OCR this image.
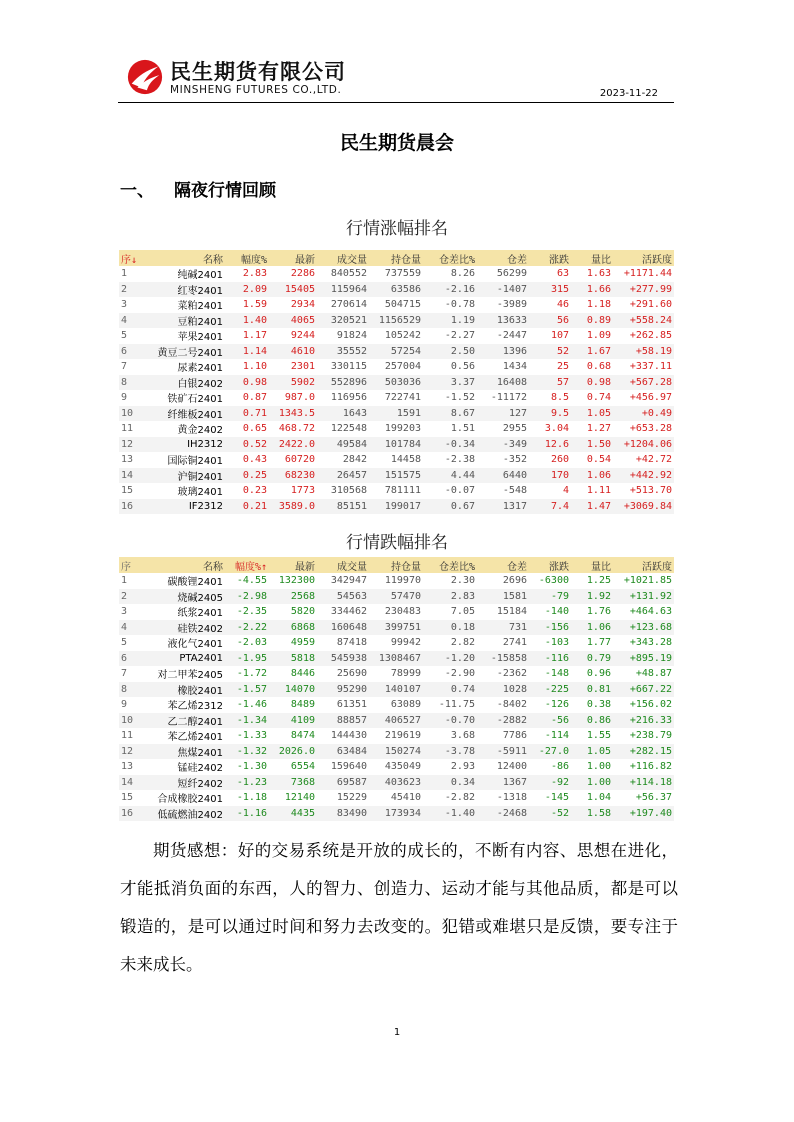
民生期货有限公司
MINSHENG FUTURES CO.,LTD.	2023-11-22
民生期货晨会
一、 隔夜行情回顾
行情涨幅排名
序↓	名称	幅度%	最新	成交量	持仓量	仓差比%	仓差	涨跌	量比	活跃度
1	纯碱2401	2.83	2286	840552	737559	8.26	56299	63	1.63	+1171.44
2	红枣2401	2.09	15405	115964	63586	-2.16	-1407	315	1.66	+277.99
3	菜粕2401	1.59	2934	270614	504715	-0.78	-3989	46	1.18	+291.60
4	豆粕2401	1.40	4065	320521	1156529	1.19	13633	56	0.89	+558.24
5	苹果2401	1.17	9244	91824	105242	-2.27	-2447	107	1.09	+262.85
6	黄豆二号2401	1.14	4610	35552	57254	2.50	1396	52	1.67	+58.19
7	尿素2401	1.10	2301	330115	257004	0.56	1434	25	0.68	+337.11
8	白银2402	0.98	5902	552896	503036	3.37	16408	57	0.98	+567.28
9	铁矿石2401	0.87	987.0	116956	722741	-1.52	-11172	8.5	0.74	+456.97
10	纤维板2401	0.71	1343.5	1643	1591	8.67	127	9.5	1.05	+0.49
11	黄金2402	0.65	468.72	122548	199203	1.51	2955	3.04	1.27	+653.28
12	IH2312	0.52	2422.0	49584	101784	-0.34	-349	12.6	1.50	+1204.06
13	国际铜2401	0.43	60720	2842	14458	-2.38	-352	260	0.54	+42.72
14	沪铜2401	0.25	68230	26457	151575	4.44	6440	170	1.06	+442.92
15	玻璃2401	0.23	1773	310568	781111	-0.07	-548	4	1.11	+513.70
16	IF2312	0.21	3589.0	85151	199017	0.67	1317	7.4	1.47	+3069.84
行情跌幅排名
序	名称	幅度%↑	最新	成交量	持仓量	仓差比%	仓差	涨跌	量比	活跃度
1	碳酸锂2401	-4.55	132300	342947	119970	2.30	2696	-6300	1.25	+1021.85
2	烧碱2405	-2.98	2568	54563	57470	2.83	1581	-79	1.92	+131.92
3	纸浆2401	-2.35	5820	334462	230483	7.05	15184	-140	1.76	+464.63
4	硅铁2402	-2.22	6868	160648	399751	0.18	731	-156	1.06	+123.68
5	液化气2401	-2.03	4959	87418	99942	2.82	2741	-103	1.77	+343.28
6	PTA2401	-1.95	5818	545938	1308467	-1.20	-15858	-116	0.79	+895.19
7	对二甲苯2405	-1.72	8446	25690	78999	-2.90	-2362	-148	0.96	+48.87
8	橡胶2401	-1.57	14070	95290	140107	0.74	1028	-225	0.81	+667.22
9	苯乙烯2312	-1.46	8489	61351	63089	-11.75	-8402	-126	0.38	+156.02
10	乙二醇2401	-1.34	4109	88857	406527	-0.70	-2882	-56	0.86	+216.33
11	苯乙烯2401	-1.33	8474	144430	219619	3.68	7786	-114	1.55	+238.79
12	焦煤2401	-1.32	2026.0	63484	150274	-3.78	-5911	-27.0	1.05	+282.15
13	锰硅2402	-1.30	6554	159640	435049	2.93	12400	-86	1.00	+116.82
14	短纤2402	-1.23	7368	69587	403623	0.34	1367	-92	1.00	+114.18
15	合成橡胶2401	-1.18	12140	15229	45410	-2.82	-1318	-145	1.04	+56.37
16	低硫燃油2402	-1.16	4435	83490	173934	-1.40	-2468	-52	1.58	+197.40

期货感想：好的交易系统是开放的成长的，不断有内容、思想在进化，才能抵消负面的东西，人的智力、创造力、运动才能与其他品质，都是可以锻造的，是可以通过时间和努力去改变的。犯错或难堪只是反馈，要专注于未来成长。

1
